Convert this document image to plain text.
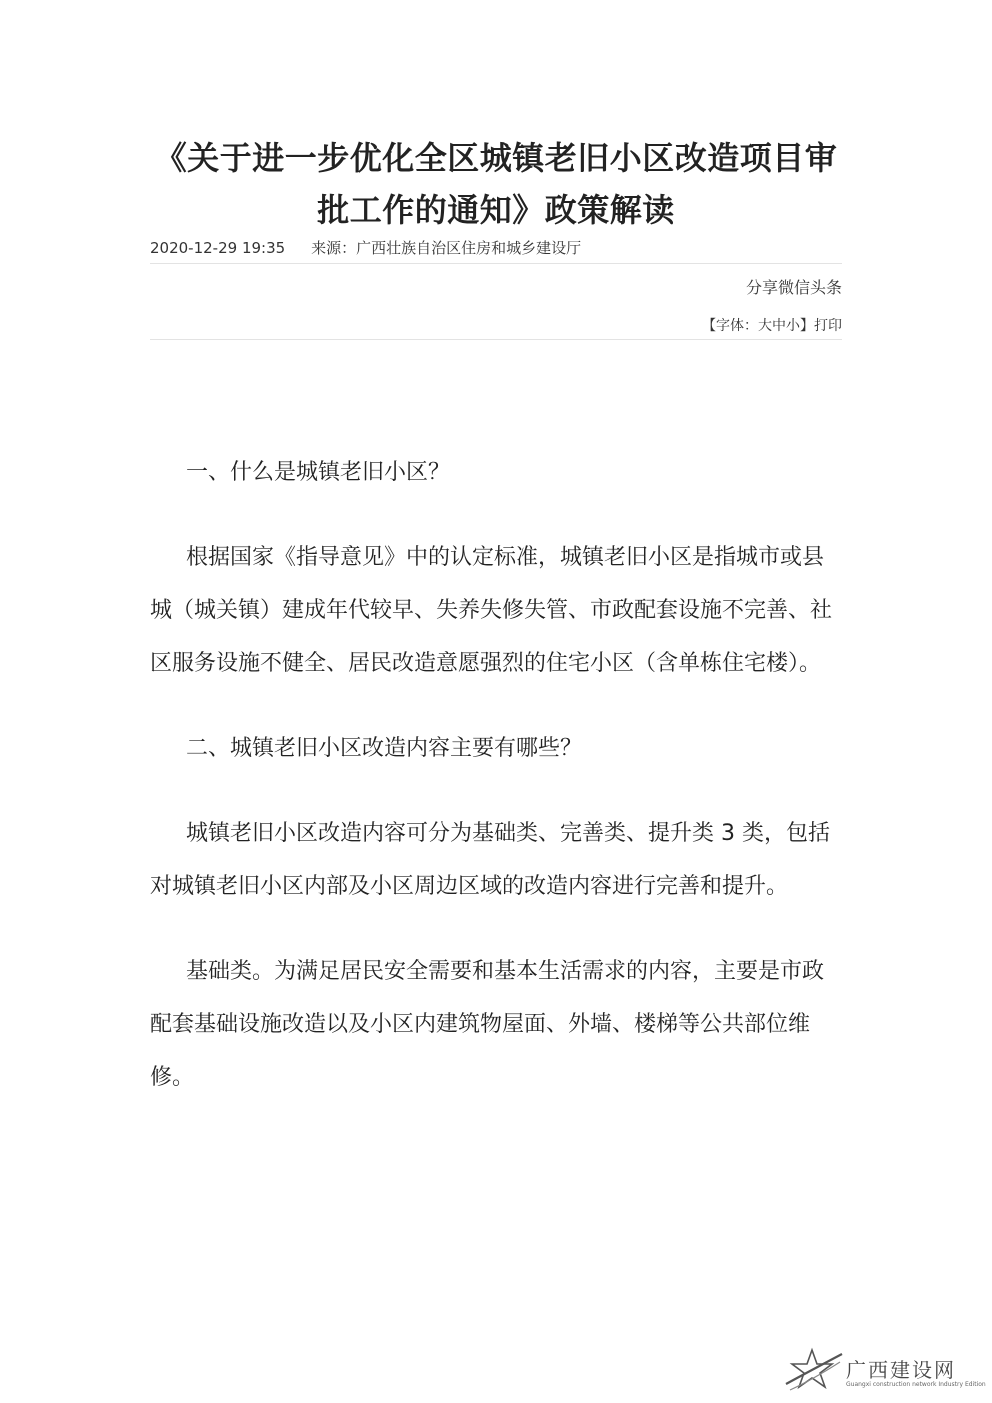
《关于进一步优化全区城镇老旧小区改造项目审批工作的通知》政策解读
2020-12-29 19:35 来源：广西壮族自治区住房和城乡建设厅
分享微信头条
【字体：大中小】打印

一、什么是城镇老旧小区？

根据国家《指导意见》中的认定标准，城镇老旧小区是指城市或县城（城关镇）建成年代较早、失养失修失管、市政配套设施不完善、社区服务设施不健全、居民改造意愿强烈的住宅小区（含单栋住宅楼）。

二、城镇老旧小区改造内容主要有哪些？

城镇老旧小区改造内容可分为基础类、完善类、提升类 3 类，包括对城镇老旧小区内部及小区周边区域的改造内容进行完善和提升。

基础类。为满足居民安全需要和基本生活需求的内容，主要是市政配套基础设施改造以及小区内建筑物屋面、外墙、楼梯等公共部位维修。

广西建设网
Guangxi construction network Industry Edition
